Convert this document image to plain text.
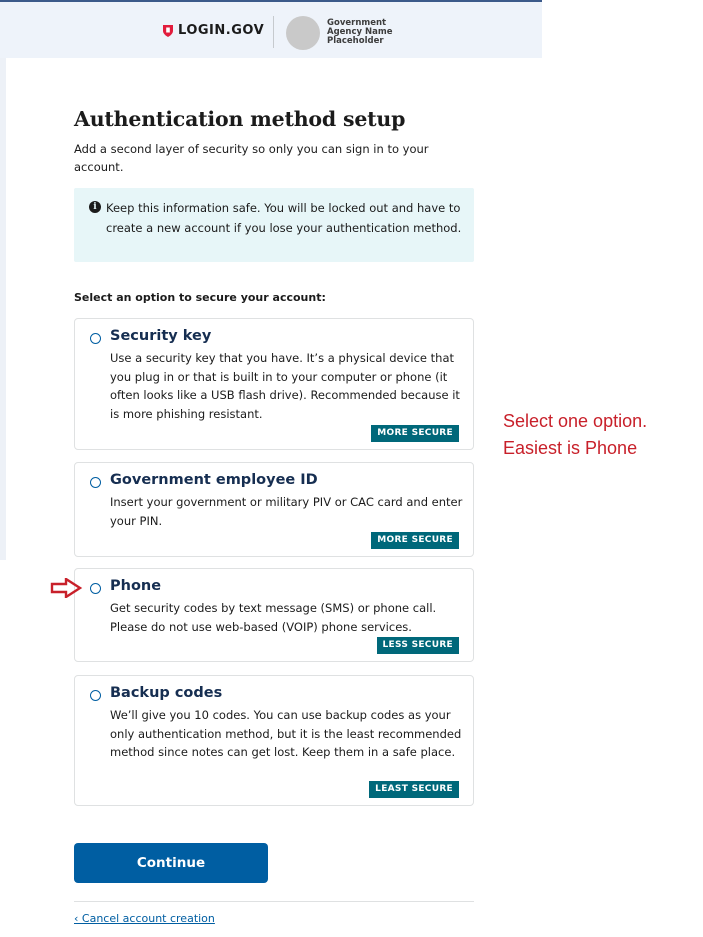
LOGIN.GOV	Government Agency Name Placeholder
Authentication method setup

Add a second layer of security so only you can sign in to your account.

i Keep this information safe. You will be locked out and have to create a new account if you lose your authentication method.
Select an option to secure your account:
Security key
Use a security key that you have. It’s a physical device that you plug in or that is built in to your computer or phone (it often looks like a USB flash drive). Recommended because it is more phishing resistant.
MORE SECURE
Government employee ID
Insert your government or military PIV or CAC card and enter your PIN.
MORE SECURE
Phone
Get security codes by text message (SMS) or phone call. Please do not use web-based (VOIP) phone services.
LESS SECURE
Backup codes
We’ll give you 10 codes. You can use backup codes as your only authentication method, but it is the least recommended method since notes can get lost. Keep them in a safe place.
LEAST SECURE
Continue
‹ Cancel account creation
Select one option.
Easiest is Phone
